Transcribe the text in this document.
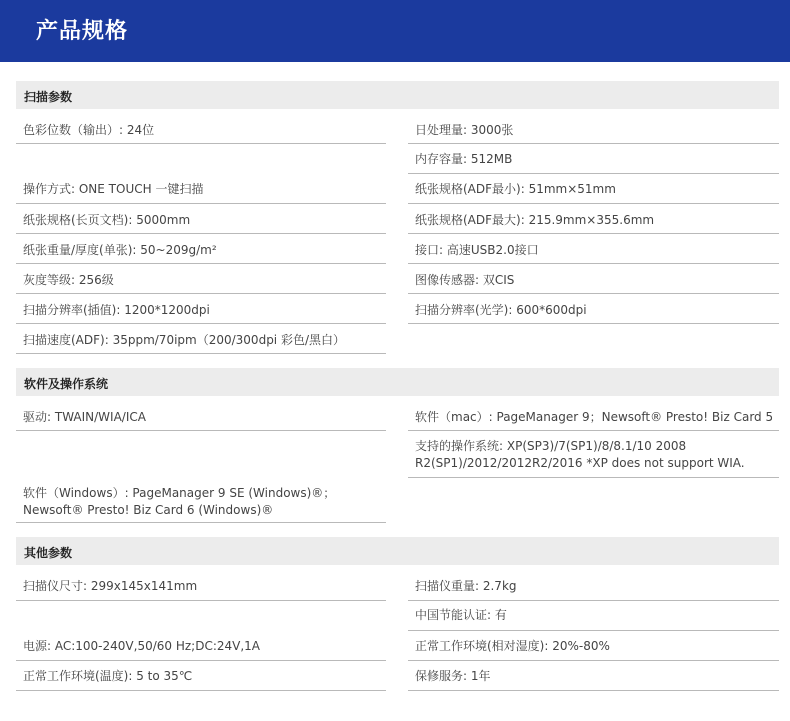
产品规格
扫描参数
色彩位数（输出）: 24位
操作方式: ONE TOUCH 一键扫描
纸张规格(长页文档): 5000mm
纸张重量/厚度(单张): 50~209g/m²
灰度等级: 256级
扫描分辨率(插值): 1200*1200dpi
扫描速度(ADF): 35ppm/70ipm（200/300dpi 彩色/黑白）
日处理量: 3000张
内存容量: 512MB
纸张规格(ADF最小): 51mm×51mm
纸张规格(ADF最大): 215.9mm×355.6mm
接口: 高速USB2.0接口
图像传感器: 双CIS
扫描分辨率(光学): 600*600dpi
软件及操作系统
驱动: TWAIN/WIA/ICA
软件（Windows）: PageManager 9 SE (Windows)®；
Newsoft® Presto! Biz Card 6 (Windows)®
软件（mac）: PageManager 9；Newsoft® Presto! Biz Card 5
支持的操作系统: XP(SP3)/7(SP1)/8/8.1/10 2008
R2(SP1)/2012/2012R2/2016 *XP does not support WIA.
其他参数
扫描仪尺寸: 299x145x141mm
电源: AC:100-240V,50/60 Hz;DC:24V,1A
正常工作环境(温度): 5 to 35℃
扫描仪重量: 2.7kg
中国节能认证: 有
正常工作环境(相对湿度): 20%-80%
保修服务: 1年
